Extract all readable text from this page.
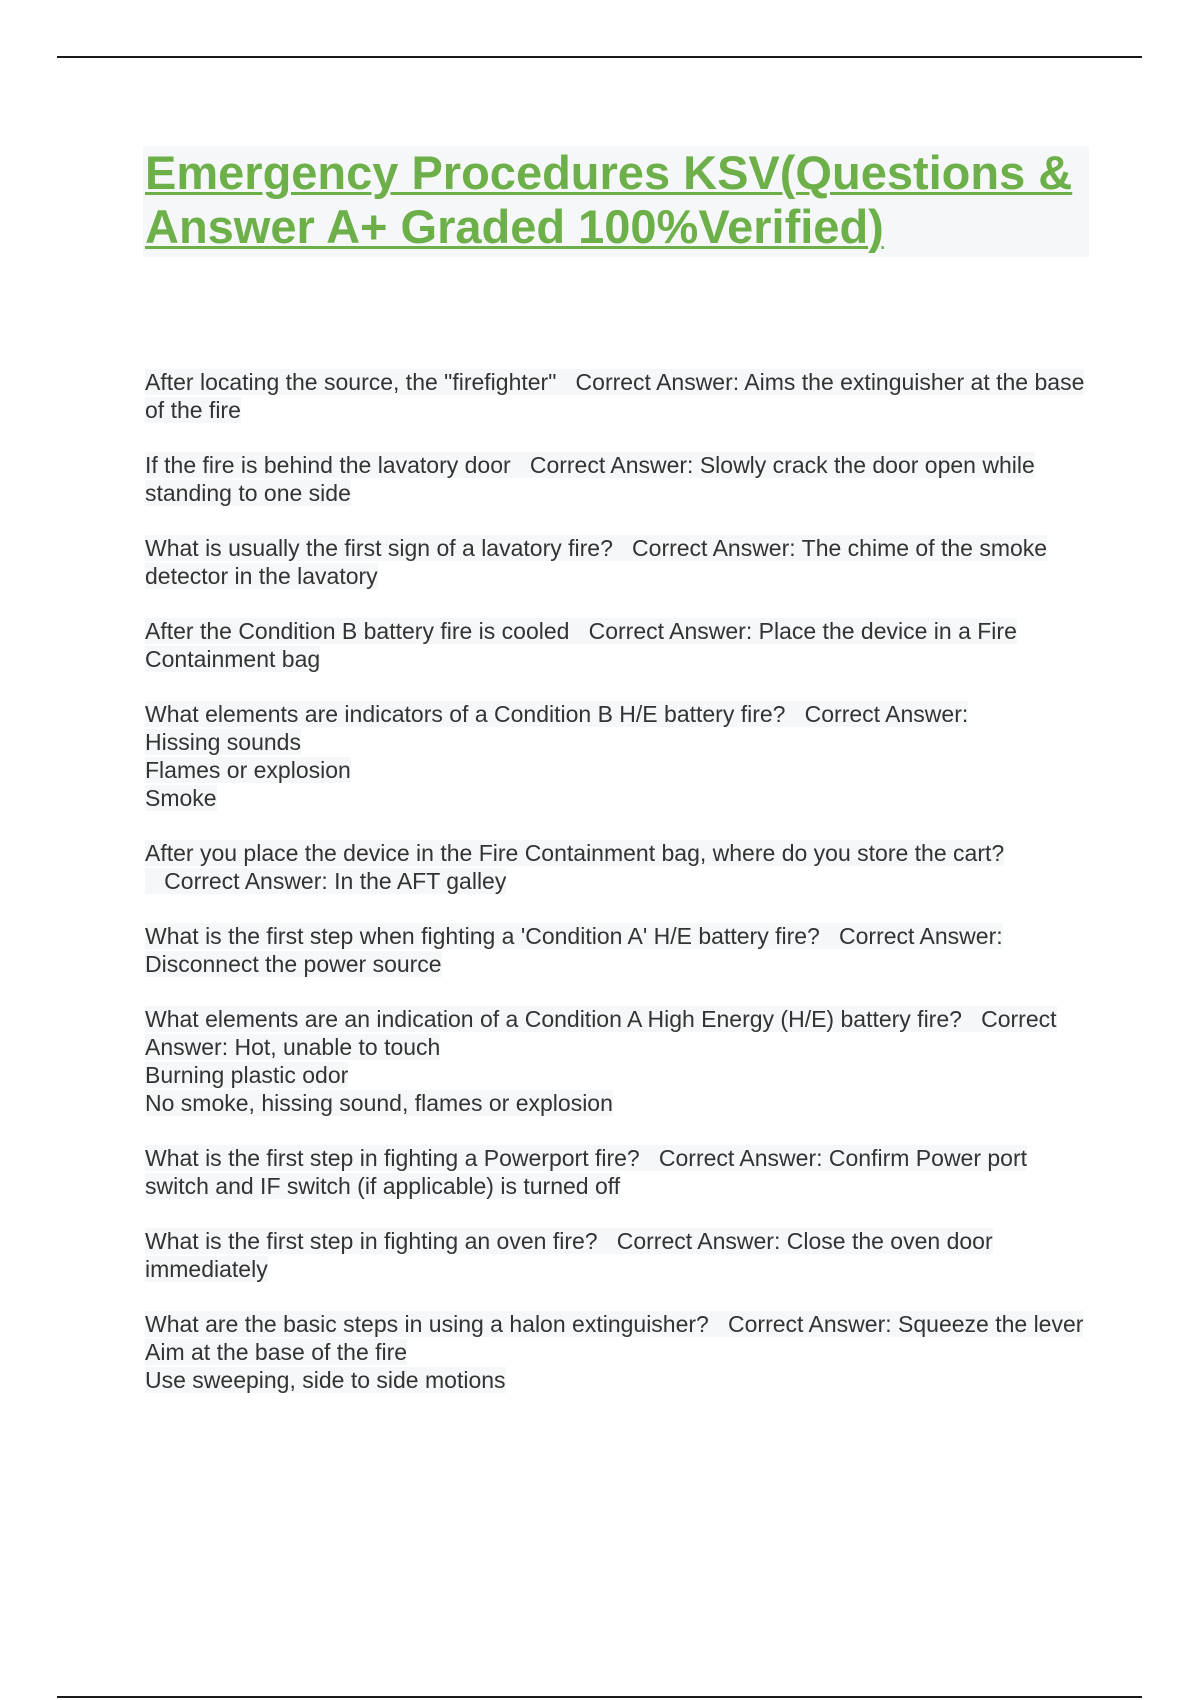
Emergency Procedures KSV(Questions & Answer A+ Graded 100%Verified)
After locating the source, the "firefighter" Correct Answer: Aims the extinguisher at the base of the fire
If the fire is behind the lavatory door Correct Answer: Slowly crack the door open while standing to one side
What is usually the first sign of a lavatory fire? Correct Answer: The chime of the smoke detector in the lavatory
After the Condition B battery fire is cooled Correct Answer: Place the device in a Fire Containment bag
What elements are indicators of a Condition B H/E battery fire? Correct Answer:
Hissing sounds
Flames or explosion
Smoke
After you place the device in the Fire Containment bag, where do you store the cart?   Correct Answer: In the AFT galley
What is the first step when fighting a 'Condition A' H/E battery fire? Correct Answer: Disconnect the power source
What elements are an indication of a Condition A High Energy (H/E) battery fire? Correct Answer: Hot, unable to touch
Burning plastic odor
No smoke, hissing sound, flames or explosion
What is the first step in fighting a Powerport fire? Correct Answer: Confirm Power port switch and IF switch (if applicable) is turned off
What is the first step in fighting an oven fire? Correct Answer: Close the oven door immediately
What are the basic steps in using a halon extinguisher? Correct Answer: Squeeze the lever
Aim at the base of the fire
Use sweeping, side to side motions
